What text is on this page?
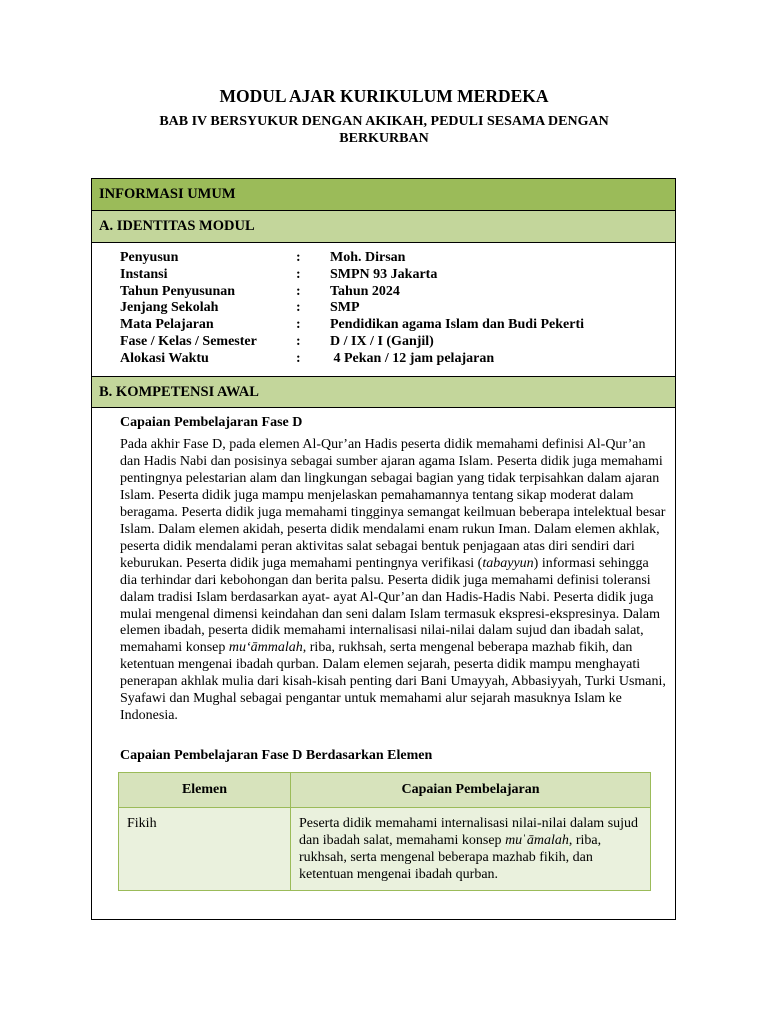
MODUL AJAR KURIKULUM MERDEKA
BAB IV BERSYUKUR DENGAN AKIKAH, PEDULI SESAMA DENGAN
BERKURBAN
INFORMASI UMUM
A. IDENTITAS MODUL
Penyusun	:	Moh. Dirsan
Instansi	:	SMPN 93 Jakarta
Tahun Penyusunan	:	Tahun 2024
Jenjang Sekolah	:	SMP
Mata Pelajaran	:	Pendidikan agama Islam dan Budi Pekerti
Fase / Kelas / Semester	:	D / IX / I (Ganjil)
Alokasi Waktu	:	4 Pekan / 12 jam pelajaran
B. KOMPETENSI AWAL
Capaian Pembelajaran Fase D
Pada akhir Fase D, pada elemen Al-Qur’an Hadis peserta didik memahami definisi Al-Qur’an dan Hadis Nabi dan posisinya sebagai sumber ajaran agama Islam. Peserta didik juga memahami pentingnya pelestarian alam dan lingkungan sebagai bagian yang tidak terpisahkan dalam ajaran Islam. Peserta didik juga mampu menjelaskan pemahamannya tentang sikap moderat dalam beragama. Peserta didik juga memahami tingginya semangat keilmuan beberapa intelektual besar Islam. Dalam elemen akidah, peserta didik mendalami enam rukun Iman. Dalam elemen akhlak, peserta didik mendalami peran aktivitas salat sebagai bentuk penjagaan atas diri sendiri dari keburukan. Peserta didik juga memahami pentingnya verifikasi (tabayyun) informasi sehingga dia terhindar dari kebohongan dan berita palsu. Peserta didik juga memahami definisi toleransi dalam tradisi Islam berdasarkan ayat- ayat Al-Qur’an dan Hadis-Hadis Nabi. Peserta didik juga mulai mengenal dimensi keindahan dan seni dalam Islam termasuk ekspresi-ekspresinya. Dalam elemen ibadah, peserta didik memahami internalisasi nilai-nilai dalam sujud dan ibadah salat, memahami konsep mu‘āmmalah, riba, rukhsah, serta mengenal beberapa mazhab fikih, dan ketentuan mengenai ibadah qurban. Dalam elemen sejarah, peserta didik mampu menghayati penerapan akhlak mulia dari kisah-kisah penting dari Bani Umayyah, Abbasiyyah, Turki Usmani, Syafawi dan Mughal sebagai pengantar untuk memahami alur sejarah masuknya Islam ke Indonesia.
Capaian Pembelajaran Fase D Berdasarkan Elemen
Elemen	Capaian Pembelajaran
Fikih	Peserta didik memahami internalisasi nilai-nilai dalam sujud dan ibadah salat, memahami konsep muˈāmalah, riba, rukhsah, serta mengenal beberapa mazhab fikih, dan ketentuan mengenai ibadah qurban.
